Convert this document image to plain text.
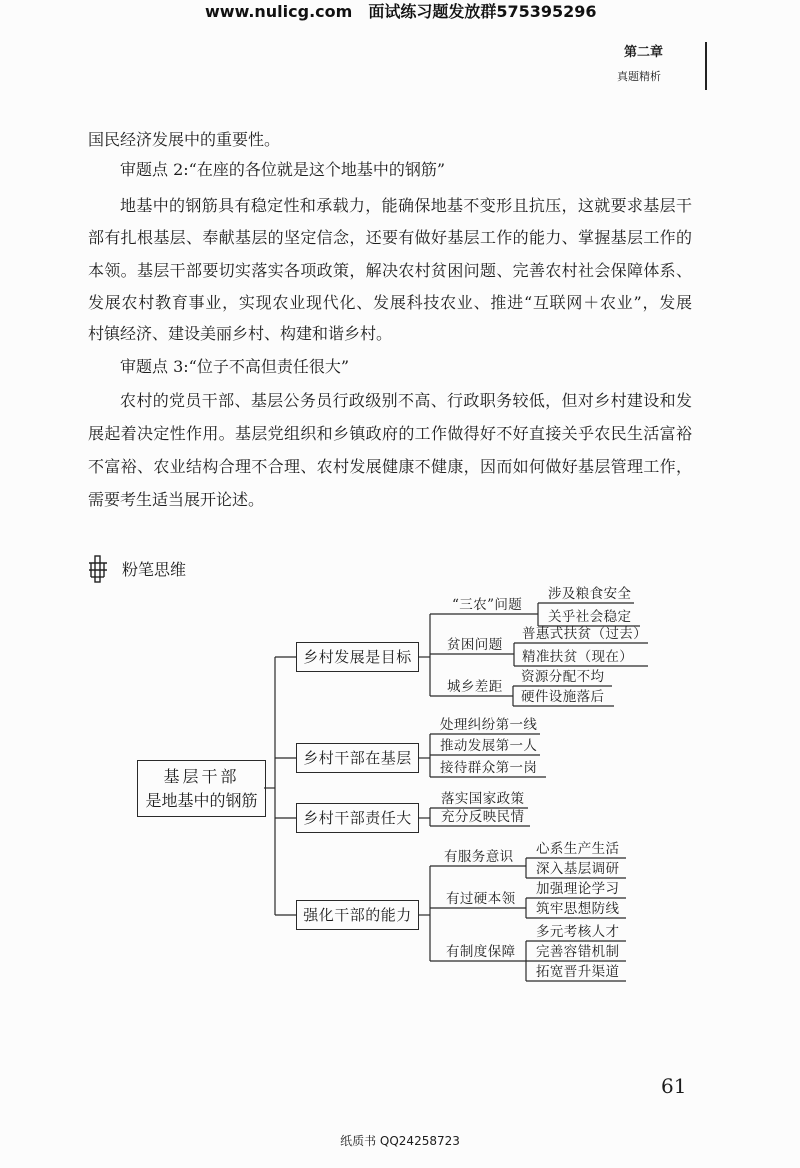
www.nulicg.com 面试练习题发放群575395296
第二章
真题精析
国民经济发展中的重要性。
审题点 2:“在座的各位就是这个地基中的钢筋”
地基中的钢筋具有稳定性和承载力，能确保地基不变形且抗压，这就要求基层干
部有扎根基层、奉献基层的坚定信念，还要有做好基层工作的能力、掌握基层工作的
本领。基层干部要切实落实各项政策，解决农村贫困问题、完善农村社会保障体系、
发展农村教育事业，实现农业现代化、发展科技农业、推进“互联网＋农业”，发展
村镇经济、建设美丽乡村、构建和谐乡村。
审题点 3:“位子不高但责任很大”
农村的党员干部、基层公务员行政级别不高、行政职务较低，但对乡村建设和发
展起着决定性作用。基层党组织和乡镇政府的工作做得好不好直接关乎农民生活富裕
不富裕、农业结构合理不合理、农村发展健康不健康，因而如何做好基层管理工作，
需要考生适当展开论述。
粉笔思维
基层干部
是地基中的钢筋
乡村发展是目标
乡村干部在基层
乡村干部责任大
强化干部的能力
“三农”问题
涉及粮食安全
关乎社会稳定
贫困问题
普惠式扶贫（过去）
精准扶贫（现在）
城乡差距
资源分配不均
硬件设施落后
处理纠纷第一线
推动发展第一人
接待群众第一岗
落实国家政策
充分反映民情
有服务意识 心系生产生活
深入基层调研
有过硬本领
加强理论学习
筑牢思想防线
有制度保障
多元考核人才
完善容错机制
拓宽晋升渠道
61
纸质书 QQ24258723
